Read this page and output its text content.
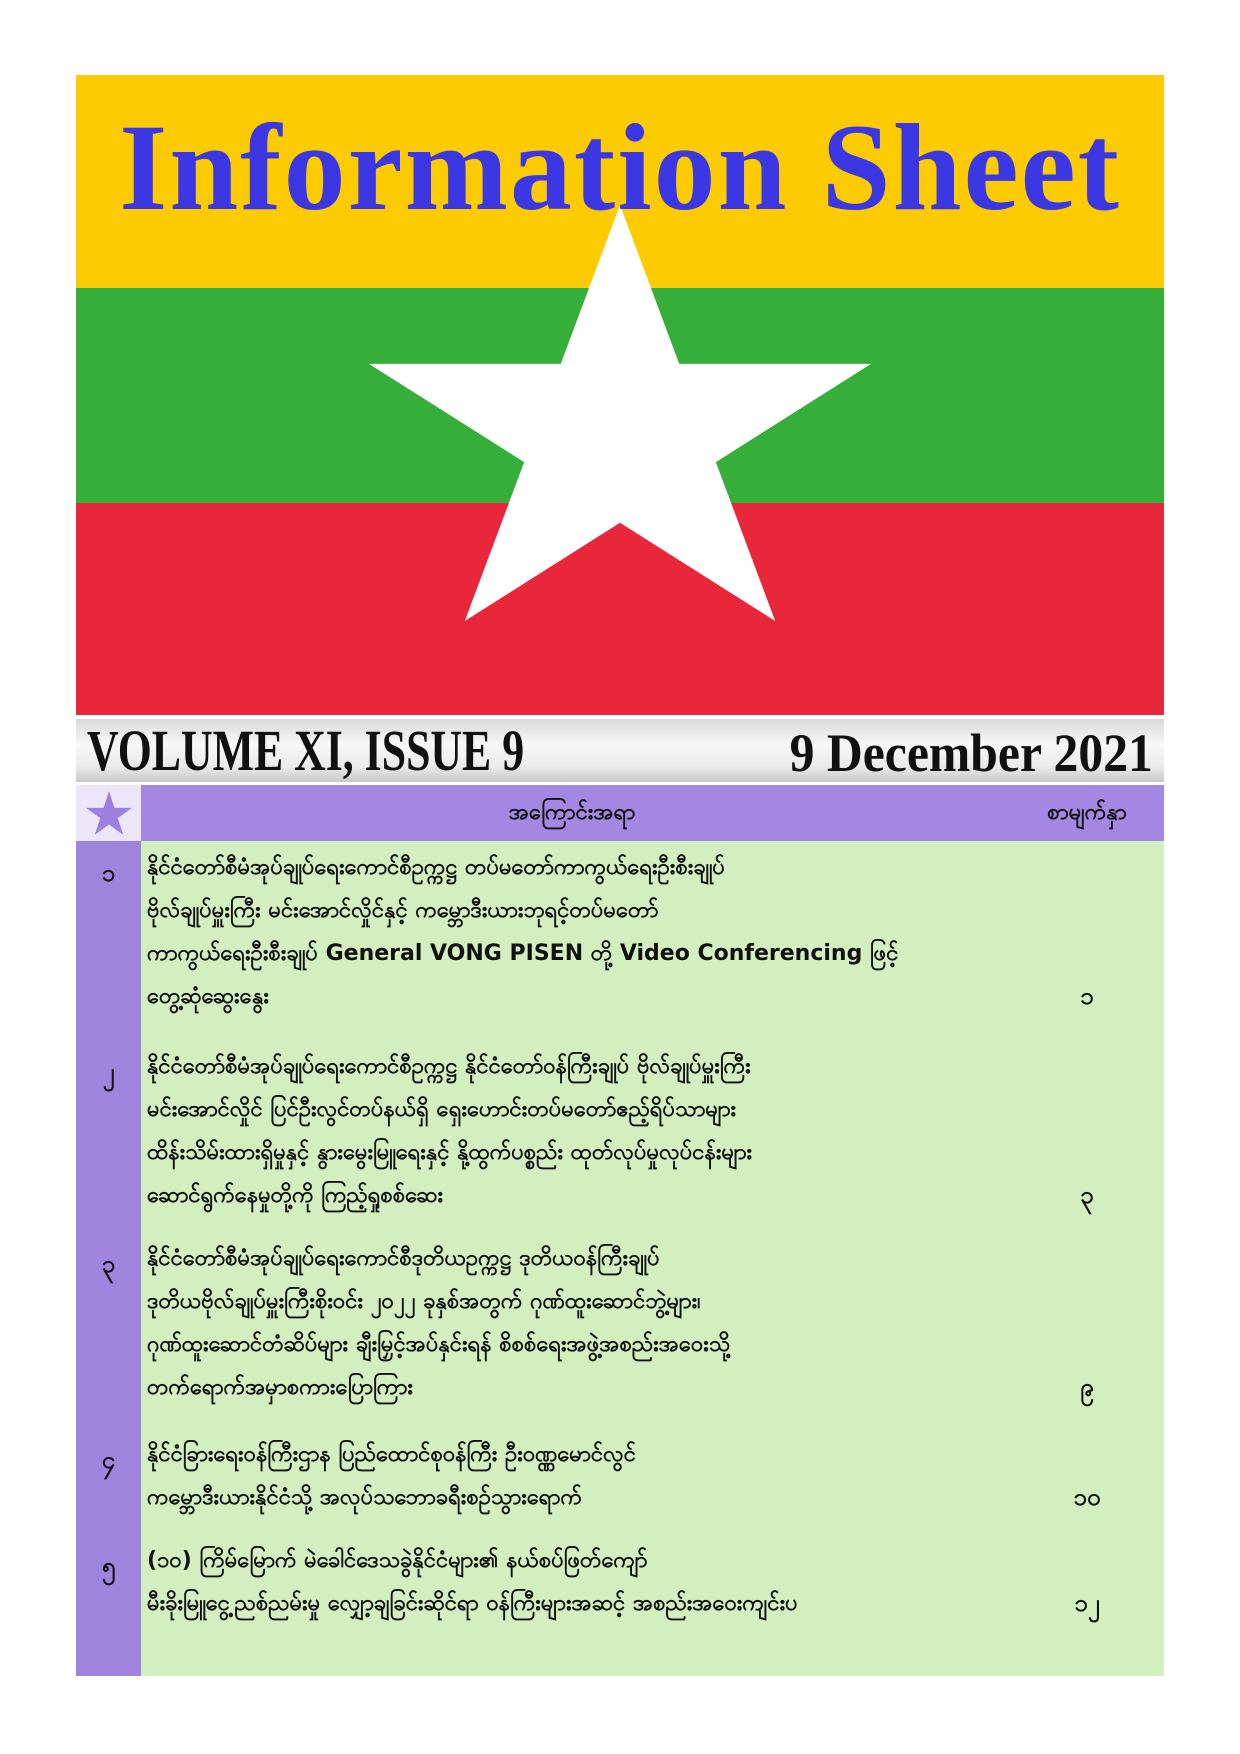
Information Sheet
VOLUME XI, ISSUE 9	9 December 2021
အကြောင်းအရာ	စာမျက်နှာ
၁	နိုင်ငံတော်စီမံအုပ်ချုပ်ရေးကောင်စီဥက္ကဋ္ဌ တပ်မတော်ကာကွယ်ရေးဦးစီးချုပ်
ဗိုလ်ချုပ်မှူးကြီး မင်းအောင်လှိုင်နှင့် ကမ္ဘောဒီးယားဘုရင့်တပ်မတော်
ကာကွယ်ရေးဦးစီးချုပ် General VONG PISEN တို့ Video Conferencing ဖြင့်
တွေ့ဆုံဆွေးနွေး	၁
၂	နိုင်ငံတော်စီမံအုပ်ချုပ်ရေးကောင်စီဥက္ကဋ္ဌ နိုင်ငံတော်ဝန်ကြီးချုပ် ဗိုလ်ချုပ်မှူးကြီး
မင်းအောင်လှိုင် ပြင်ဦးလွင်တပ်နယ်ရှိ ရှေးဟောင်းတပ်မတော်ဧည့်ရိပ်သာများ
ထိန်းသိမ်းထားရှိမှုနှင့် နွားမွေးမြူရေးနှင့် နို့ထွက်ပစ္စည်း ထုတ်လုပ်မှုလုပ်ငန်းများ
ဆောင်ရွက်နေမှုတို့ကို ကြည့်ရှုစစ်ဆေး	၃
၃	နိုင်ငံတော်စီမံအုပ်ချုပ်ရေးကောင်စီဒုတိယဥက္ကဋ္ဌ ဒုတိယဝန်ကြီးချုပ်
ဒုတိယဗိုလ်ချုပ်မှူးကြီးစိုးဝင်း ၂၀၂၂ ခုနှစ်အတွက် ဂုဏ်ထူးဆောင်ဘွဲ့များ၊
ဂုဏ်ထူးဆောင်တံဆိပ်များ ချီးမြှင့်အပ်နှင်းရန် စိစစ်ရေးအဖွဲ့အစည်းအဝေးသို့
တက်ရောက်အမှာစကားပြောကြား	၉
၄	နိုင်ငံခြားရေးဝန်ကြီးဌာန ပြည်ထောင်စုဝန်ကြီး ဦးဝဏ္ဏမောင်လွင်
ကမ္ဘောဒီးယားနိုင်ငံသို့ အလုပ်သဘောခရီးစဉ်သွားရောက်	၁၀
၅	(၁၀) ကြိမ်မြောက် မဲခေါင်ဒေသခွဲနိုင်ငံများ၏ နယ်စပ်ဖြတ်ကျော်
မီးခိုးမြူငွေ့ညစ်ညမ်းမှု လျှော့ချခြင်းဆိုင်ရာ ဝန်ကြီးများအဆင့် အစည်းအဝေးကျင်းပ	၁၂
